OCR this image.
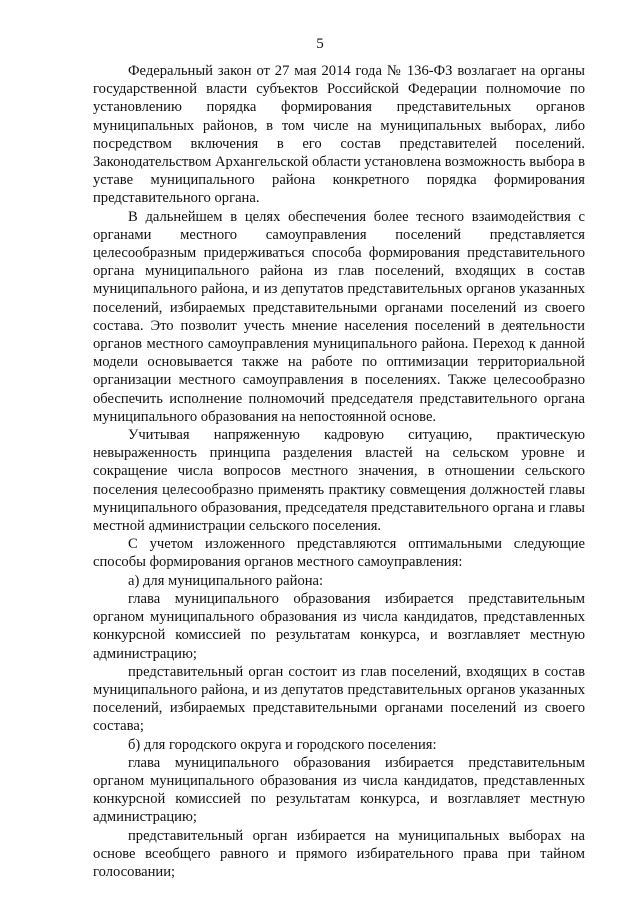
5

Федеральный закон от 27 мая 2014 года № 136-ФЗ возлагает на органы государственной власти субъектов Российской Федерации полномочие по установлению порядка формирования представительных органов муниципальных районов, в том числе на муниципальных выборах, либо посредством включения в его состав представителей поселений. Законодательством Архангельской области установлена возможность выбора в уставе муниципального района конкретного порядка формирования представительного органа.

В дальнейшем в целях обеспечения более тесного взаимодействия с органами местного самоуправления поселений представляется целесообразным придерживаться способа формирования представительного органа муниципального района из глав поселений, входящих в состав муниципального района, и из депутатов представительных органов указанных поселений, избираемых представительными органами поселений из своего состава. Это позволит учесть мнение населения поселений в деятельности органов местного самоуправления муниципального района. Переход к данной модели основывается также на работе по оптимизации территориальной организации местного самоуправления в поселениях. Также целесообразно обеспечить исполнение полномочий председателя представительного органа муниципального образования на непостоянной основе.

Учитывая напряженную кадровую ситуацию, практическую невыраженность принципа разделения властей на сельском уровне и сокращение числа вопросов местного значения, в отношении сельского поселения целесообразно применять практику совмещения должностей главы муниципального образования, председателя представительного органа и главы местной администрации сельского поселения.

С учетом изложенного представляются оптимальными следующие способы формирования органов местного самоуправления:

а) для муниципального района:

глава муниципального образования избирается представительным органом муниципального образования из числа кандидатов, представленных конкурсной комиссией по результатам конкурса, и возглавляет местную администрацию;

представительный орган состоит из глав поселений, входящих в состав муниципального района, и из депутатов представительных органов указанных поселений, избираемых представительными органами поселений из своего состава;

б) для городского округа и городского поселения:

глава муниципального образования избирается представительным органом муниципального образования из числа кандидатов, представленных конкурсной комиссией по результатам конкурса, и возглавляет местную администрацию;

представительный орган избирается на муниципальных выборах на основе всеобщего равного и прямого избирательного права при тайном голосовании;
